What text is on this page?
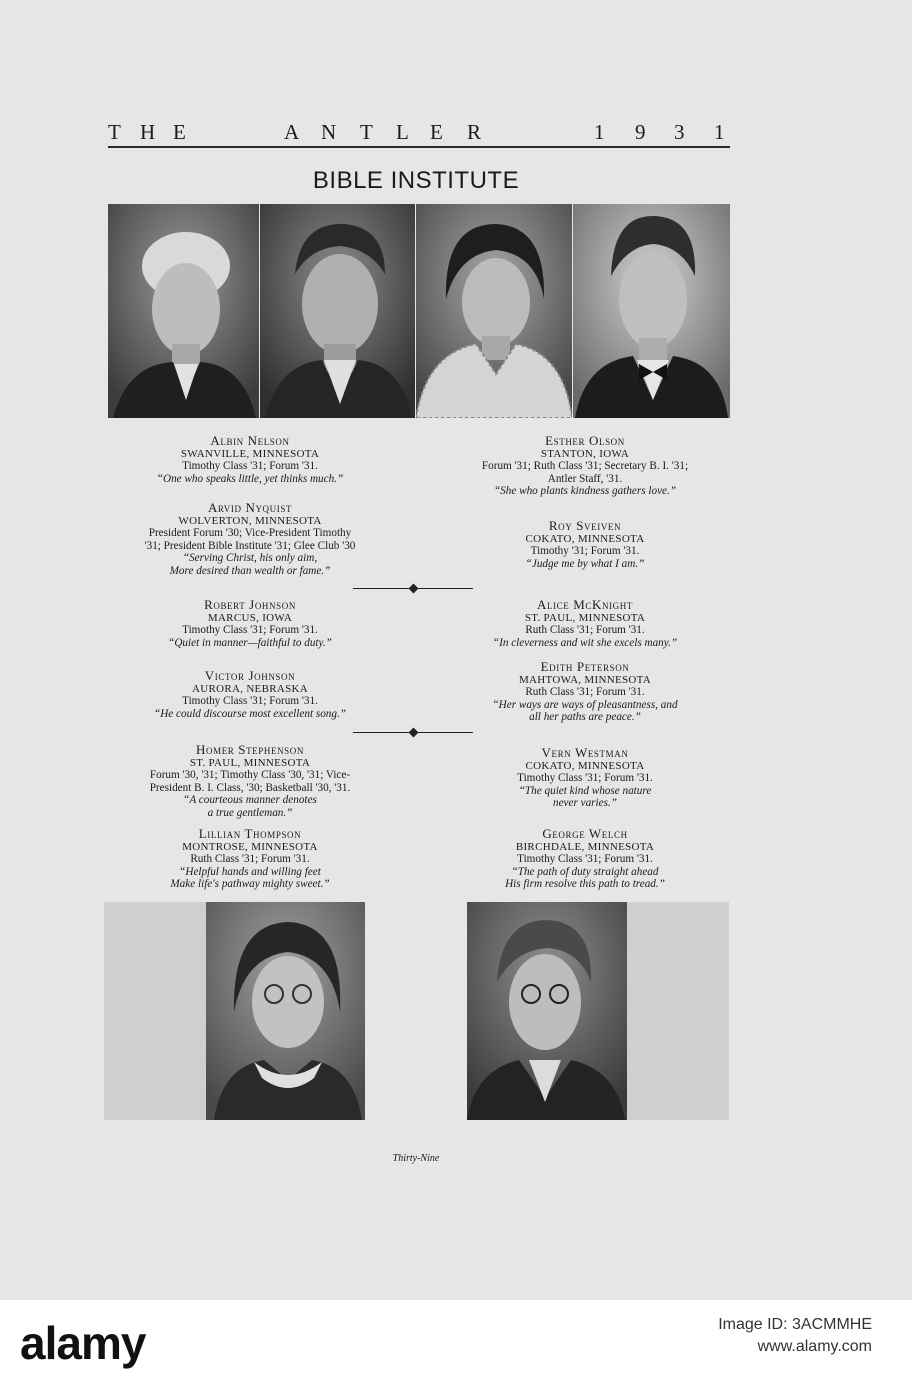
T H E	A N T L E R	1 9 3 1
BIBLE INSTITUTE
Albin Nelson
SWANVILLE, MINNESOTA
Timothy Class '31; Forum '31.
“One who speaks little, yet thinks much.”
Arvid Nyquist
WOLVERTON, MINNESOTA
President Forum '30; Vice-President Timothy
'31; President Bible Institute '31; Glee Club '30
“Serving Christ, his only aim,
More desired than wealth or fame.”
Robert Johnson
MARCUS, IOWA
Timothy Class '31; Forum '31.
“Quiet in manner—faithful to duty.”
Victor Johnson
AURORA, NEBRASKA
Timothy Class '31; Forum '31.
“He could discourse most excellent song.”
Homer Stephenson
ST. PAUL, MINNESOTA
Forum '30, '31; Timothy Class '30, '31; Vice-
President B. I. Class, '30; Basketball '30, '31.
“A courteous manner denotes
a true gentleman.”
Lillian Thompson
MONTROSE, MINNESOTA
Ruth Class '31; Forum '31.
“Helpful hands and willing feet
Make life's pathway mighty sweet.”
Esther Olson
STANTON, IOWA
Forum '31; Ruth Class '31; Secretary B. I. '31;
Antler Staff, '31.
“She who plants kindness gathers love.”
Roy Sveiven
COKATO, MINNESOTA
Timothy '31; Forum '31.
“Judge me by what I am.”
Alice McKnight
ST. PAUL, MINNESOTA
Ruth Class '31; Forum '31.
“In cleverness and wit she excels many.”
Edith Peterson
MAHTOWA, MINNESOTA
Ruth Class '31; Forum '31.
“Her ways are ways of pleasantness, and
all her paths are peace.”
Vern Westman
COKATO, MINNESOTA
Timothy Class '31; Forum '31.
“The quiet kind whose nature
never varies.”
George Welch
BIRCHDALE, MINNESOTA
Timothy Class '31; Forum '31.
“The path of duty straight ahead
His firm resolve this path to tread.”
Thirty-Nine
alamy	Image ID: 3ACMMHE
www.alamy.com
